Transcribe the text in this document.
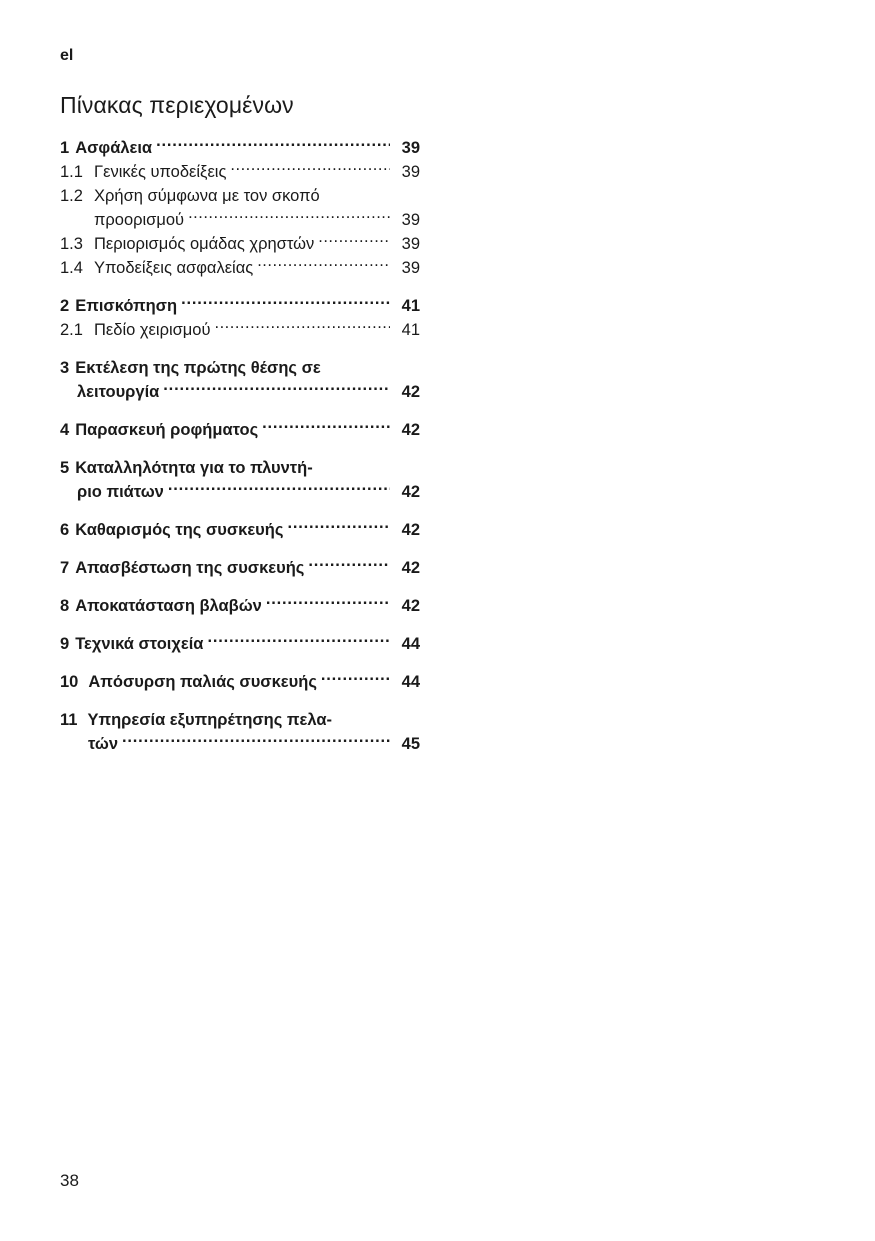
el
Πίνακας περιεχομένων
1 Ασφάλεια .....	39
1.1 Γενικές υποδείξεις .....	39
1.2 Χρήση σύμφωνα με τον σκοπό
προορισμού .....	39
1.3 Περιορισμός ομάδας χρηστών .....	39
1.4 Υποδείξεις ασφαλείας .....	39
2 Επισκόπηση .....	41
2.1 Πεδίο χειρισμού .....	41
3 Εκτέλεση της πρώτης θέσης σε
λειτουργία .....	42
4 Παρασκευή ροφήματος .....	42
5 Καταλληλότητα για το πλυντή-
ριο πιάτων .....	42
6 Καθαρισμός της συσκευής .....	42
7 Απασβέστωση της συσκευής .....	42
8 Αποκατάσταση βλαβών .....	42
9 Τεχνικά στοιχεία .....	44
10 Απόσυρση παλιάς συσκευής .....	44
11 Υπηρεσία εξυπηρέτησης πελα-
τών .....	45
38
